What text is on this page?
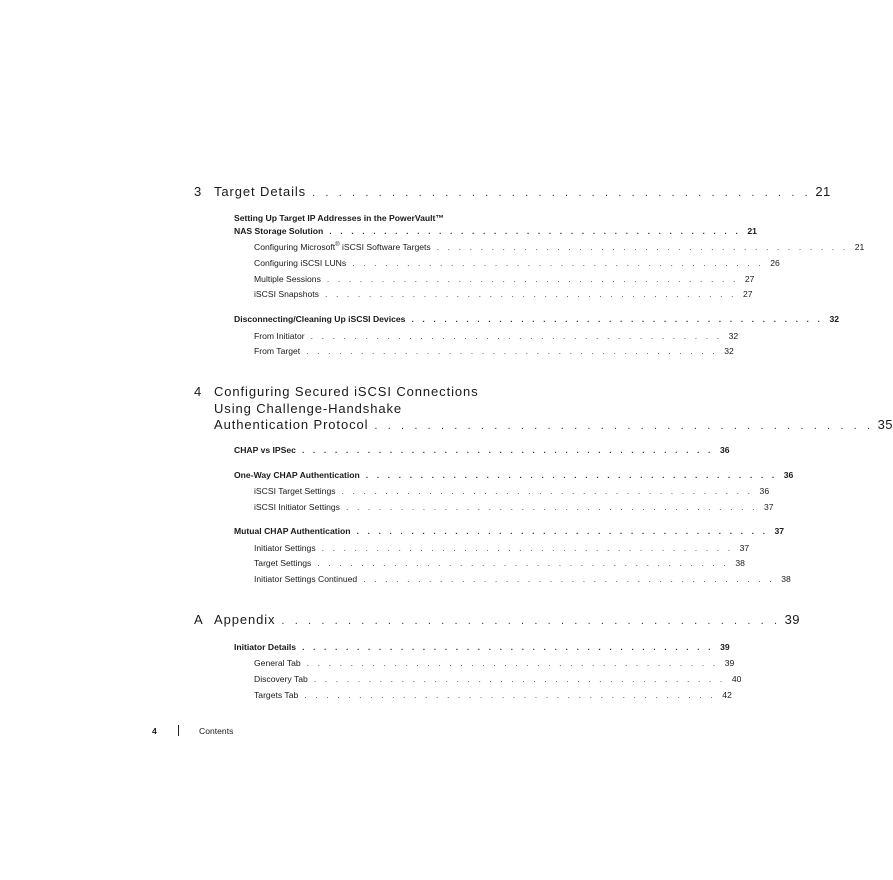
3 Target Details . . . . . . . . . . . . . . . . . . . . . . . . . . . . . . . . . . . . . . 21
Setting Up Target IP Addresses in the PowerVault™
NAS Storage Solution . . . . . . . . . . . . . . . . . . . . . . . . . . . . . . . . . . . . . . 21
Configuring Microsoft® iSCSI Software Targets . . . . . . . . . . . . . . . . . . . . . . . . . . . . . . . . . . . . . . 21
Configuring iSCSI LUNs . . . . . . . . . . . . . . . . . . . . . . . . . . . . . . . . . . . . . . 26
Multiple Sessions . . . . . . . . . . . . . . . . . . . . . . . . . . . . . . . . . . . . . . 27
iSCSI Snapshots . . . . . . . . . . . . . . . . . . . . . . . . . . . . . . . . . . . . . . 27
Disconnecting/Cleaning Up iSCSI Devices . . . . . . . . . . . . . . . . . . . . . . . . . . . . . . . . . . . . . . 32
From Initiator . . . . . . . . . . . . . . . . . . . . . . . . . . . . . . . . . . . . . . 32
From Target . . . . . . . . . . . . . . . . . . . . . . . . . . . . . . . . . . . . . . 32
4 Configuring Secured iSCSI Connections
Using Challenge-Handshake
Authentication Protocol . . . . . . . . . . . . . . . . . . . . . . . . . . . . . . . . . . . . . . 35
CHAP vs IPSec . . . . . . . . . . . . . . . . . . . . . . . . . . . . . . . . . . . . . . 36
One-Way CHAP Authentication . . . . . . . . . . . . . . . . . . . . . . . . . . . . . . . . . . . . . . 36
iSCSI Target Settings . . . . . . . . . . . . . . . . . . . . . . . . . . . . . . . . . . . . . . 36
iSCSI Initiator Settings . . . . . . . . . . . . . . . . . . . . . . . . . . . . . . . . . . . . . . 37
Mutual CHAP Authentication . . . . . . . . . . . . . . . . . . . . . . . . . . . . . . . . . . . . . . 37
Initiator Settings . . . . . . . . . . . . . . . . . . . . . . . . . . . . . . . . . . . . . . 37
Target Settings . . . . . . . . . . . . . . . . . . . . . . . . . . . . . . . . . . . . . . 38
Initiator Settings Continued . . . . . . . . . . . . . . . . . . . . . . . . . . . . . . . . . . . . . . 38
A Appendix . . . . . . . . . . . . . . . . . . . . . . . . . . . . . . . . . . . . . . 39
Initiator Details . . . . . . . . . . . . . . . . . . . . . . . . . . . . . . . . . . . . . . 39
General Tab . . . . . . . . . . . . . . . . . . . . . . . . . . . . . . . . . . . . . . 39
Discovery Tab . . . . . . . . . . . . . . . . . . . . . . . . . . . . . . . . . . . . . . 40
Targets Tab . . . . . . . . . . . . . . . . . . . . . . . . . . . . . . . . . . . . . . 42
4	Contents
